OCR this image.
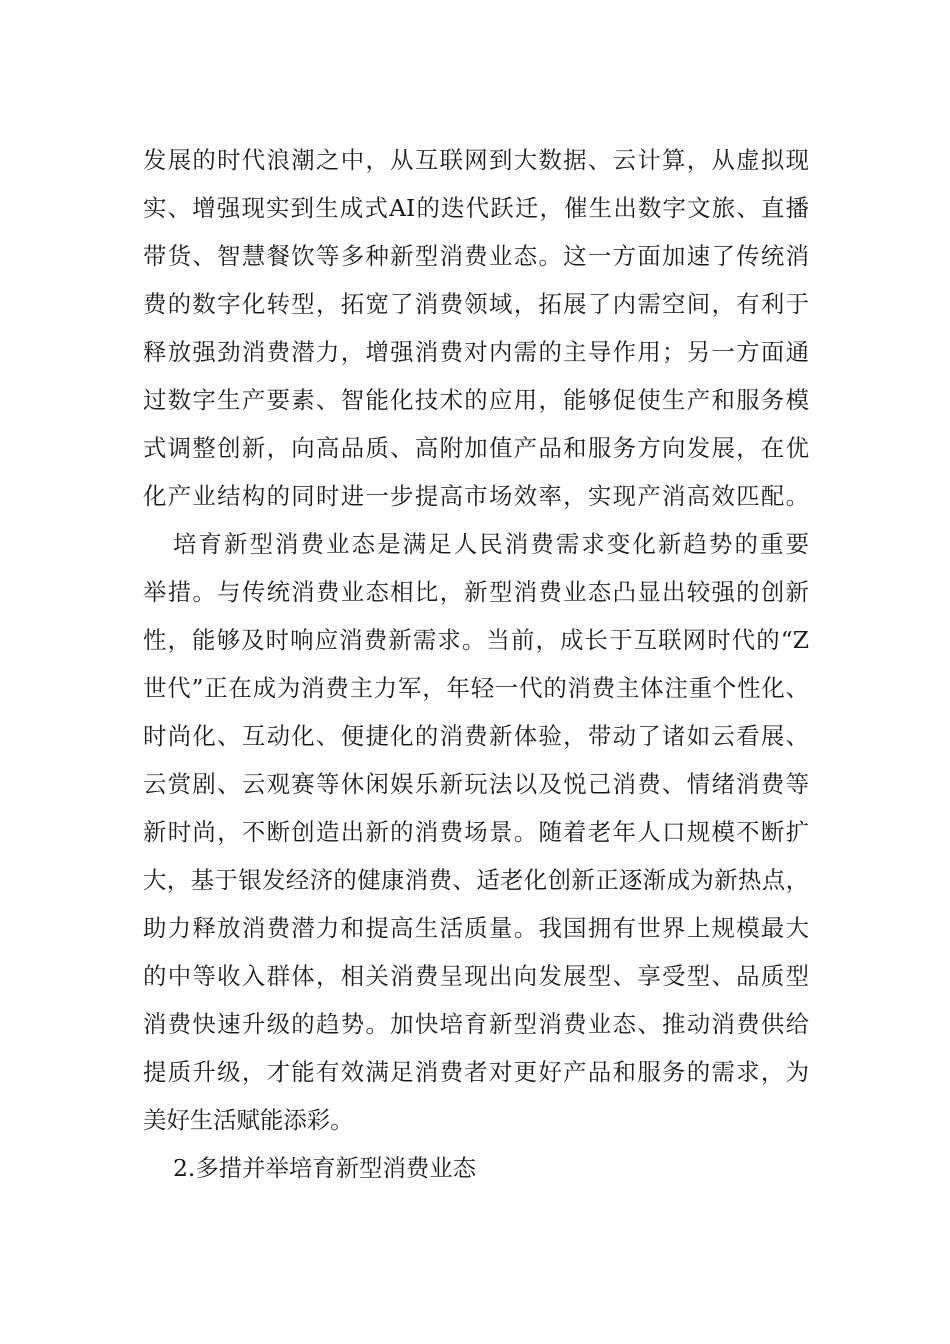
发展的时代浪潮之中，从互联网到大数据、云计算，从虚拟现
实、增强现实到生成式AI的迭代跃迁，催生出数字文旅、直播
带货、智慧餐饮等多种新型消费业态。这一方面加速了传统消
费的数字化转型，拓宽了消费领域，拓展了内需空间，有利于
释放强劲消费潜力，增强消费对内需的主导作用；另一方面通
过数字生产要素、智能化技术的应用，能够促使生产和服务模
式调整创新，向高品质、高附加值产品和服务方向发展，在优
化产业结构的同时进一步提高市场效率，实现产消高效匹配。
培育新型消费业态是满足人民消费需求变化新趋势的重要
举措。与传统消费业态相比，新型消费业态凸显出较强的创新
性，能够及时响应消费新需求。当前，成长于互联网时代的“Z
世代”正在成为消费主力军，年轻一代的消费主体注重个性化、
时尚化、互动化、便捷化的消费新体验，带动了诸如云看展、
云赏剧、云观赛等休闲娱乐新玩法以及悦己消费、情绪消费等
新时尚，不断创造出新的消费场景。随着老年人口规模不断扩
大，基于银发经济的健康消费、适老化创新正逐渐成为新热点，
助力释放消费潜力和提高生活质量。我国拥有世界上规模最大
的中等收入群体，相关消费呈现出向发展型、享受型、品质型
消费快速升级的趋势。加快培育新型消费业态、推动消费供给
提质升级，才能有效满足消费者对更好产品和服务的需求，为
美好生活赋能添彩。
2.多措并举培育新型消费业态
